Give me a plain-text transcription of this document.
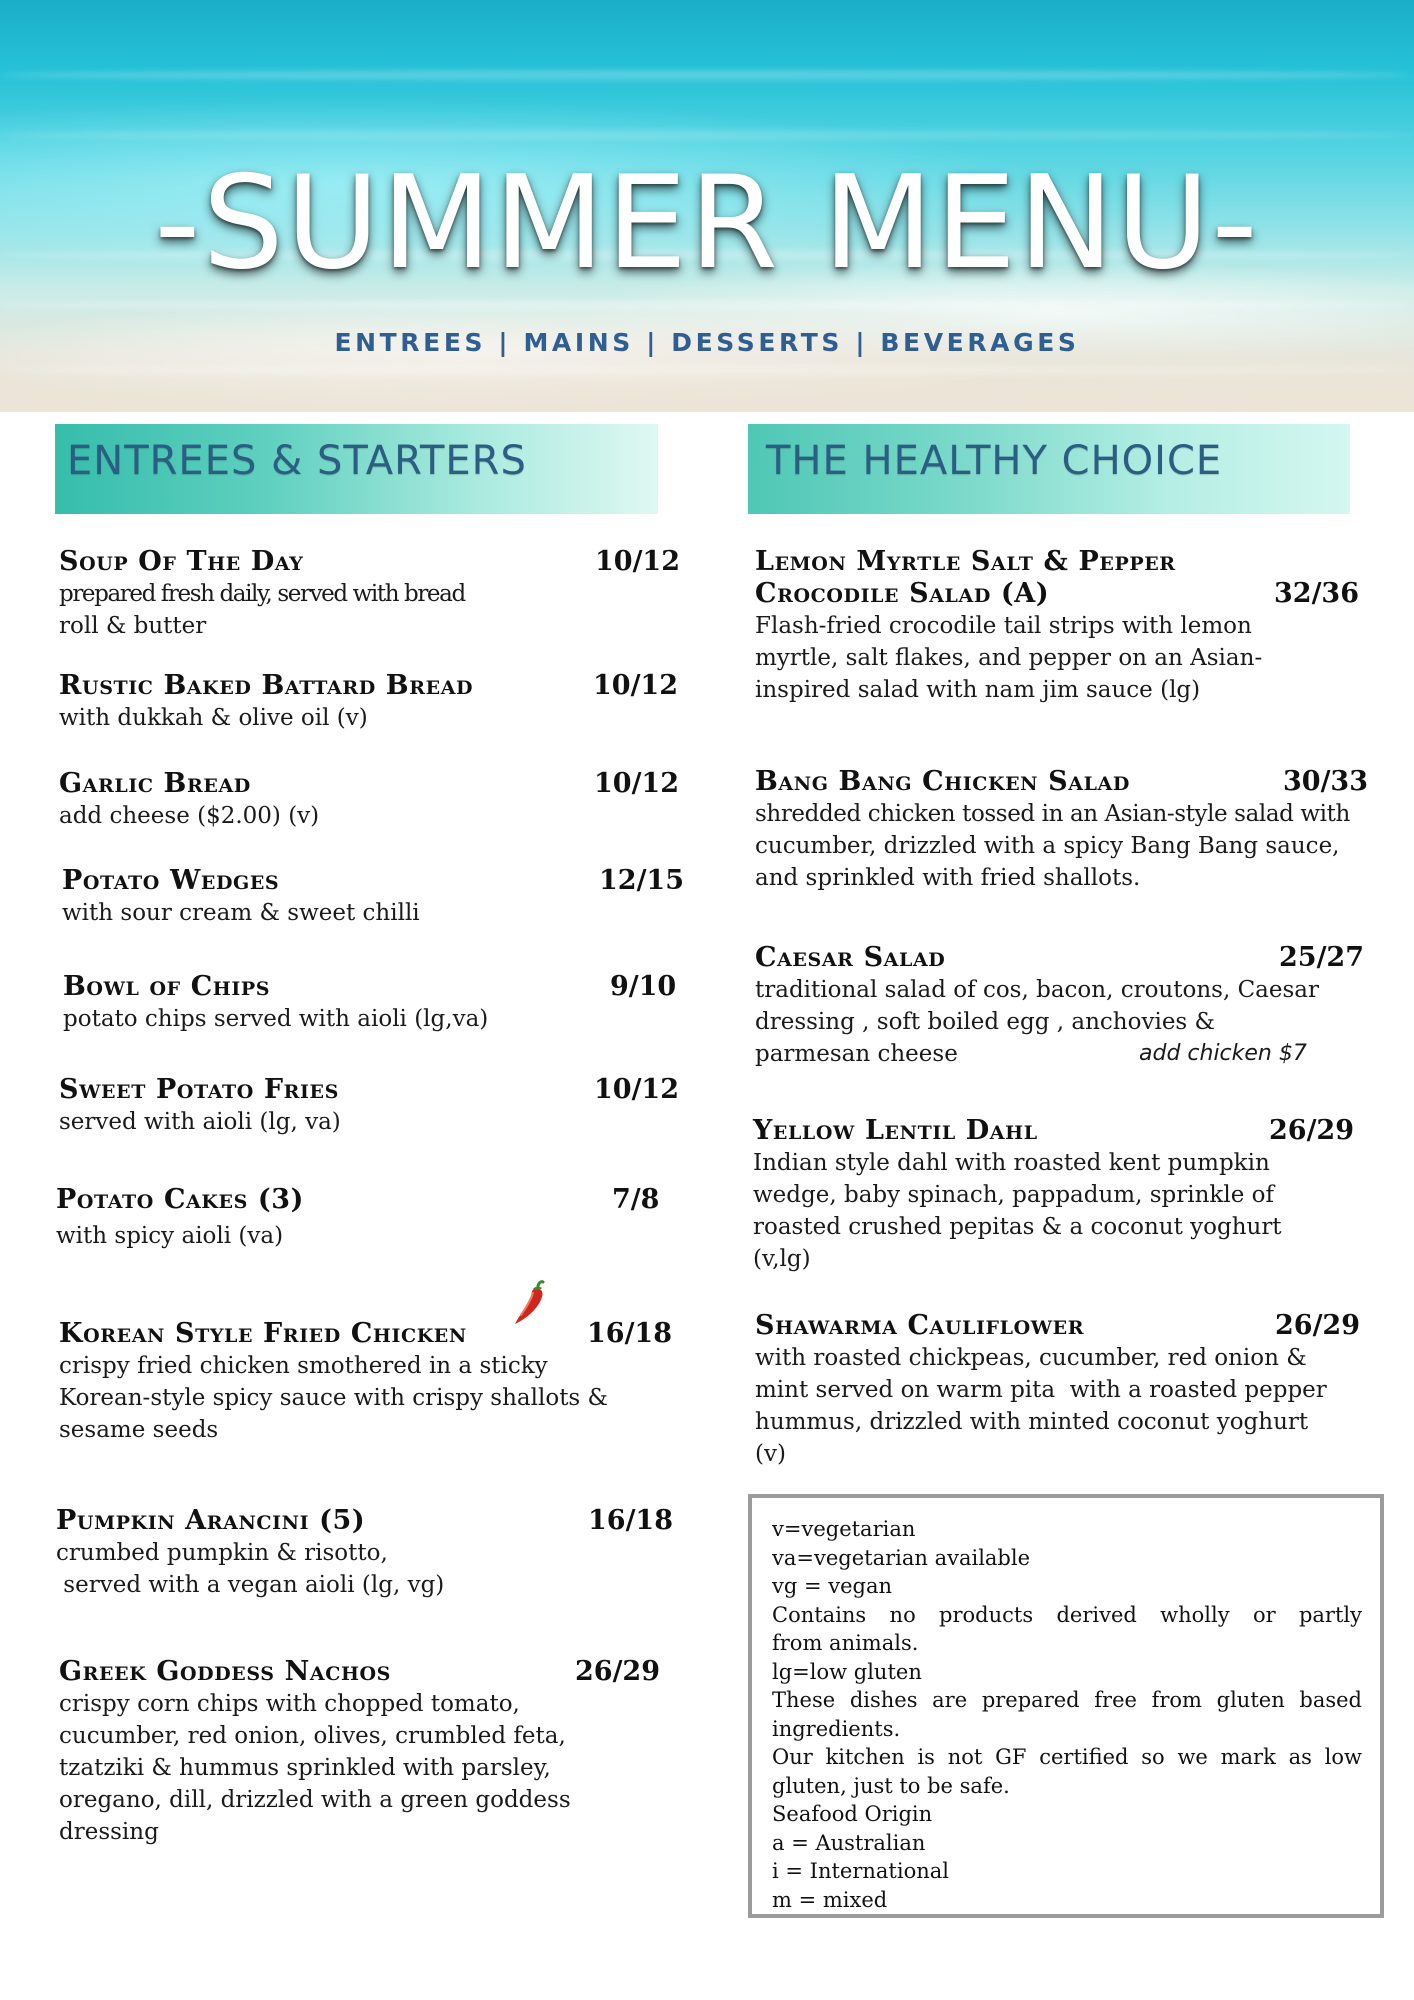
-SUMMER MENU-
ENTREES | MAINS | DESSERTS | BEVERAGES
ENTREES & STARTERS	THE HEALTHY CHOICE
Soup Of The Day	10/12
prepared fresh daily, served with bread
roll & butter
Rustic Baked Battard Bread	10/12
with dukkah & olive oil (v)
Garlic Bread	10/12
add cheese ($2.00) (v)
Potato Wedges	12/15
with sour cream & sweet chilli
Bowl of Chips	9/10
potato chips served with aioli (lg,va)
Sweet Potato Fries	10/12
served with aioli (lg, va)
Potato Cakes (3)	7/8
with spicy aioli (va)
Korean Style Fried Chicken	16/18
crispy fried chicken smothered in a sticky
Korean-style spicy sauce with crispy shallots &
sesame seeds
Pumpkin Arancini (5)	16/18
crumbed pumpkin & risotto,
served with a vegan aioli (lg, vg)
Greek Goddess Nachos	26/29
crispy corn chips with chopped tomato,
cucumber, red onion, olives, crumbled feta,
tzatziki & hummus sprinkled with parsley,
oregano, dill, drizzled with a green goddess
dressing
Lemon Myrtle Salt & Pepper
Crocodile Salad (A)	32/36
Flash-fried crocodile tail strips with lemon
myrtle, salt flakes, and pepper on an Asian-
inspired salad with nam jim sauce (lg)
Bang Bang Chicken Salad	30/33
shredded chicken tossed in an Asian-style salad with
cucumber, drizzled with a spicy Bang Bang sauce,
and sprinkled with fried shallots.
Caesar Salad	25/27
traditional salad of cos, bacon, croutons, Caesar
dressing , soft boiled egg , anchovies &
parmesan cheese	add chicken $7
Yellow Lentil Dahl	26/29
Indian style dahl with roasted kent pumpkin
wedge, baby spinach, pappadum, sprinkle of
roasted crushed pepitas & a coconut yoghurt
(v,lg)
Shawarma Cauliflower	26/29
with roasted chickpeas, cucumber, red onion &
mint served on warm pita  with a roasted pepper
hummus, drizzled with minted coconut yoghurt
(v)
v=vegetarian
va=vegetarian available
vg = vegan
Contains no products derived wholly or partly
from animals.
lg=low gluten
These dishes are prepared free from gluten based
ingredients.
Our kitchen is not GF certified so we mark as low
gluten, just to be safe.
Seafood Origin
a = Australian
i = International
m = mixed
